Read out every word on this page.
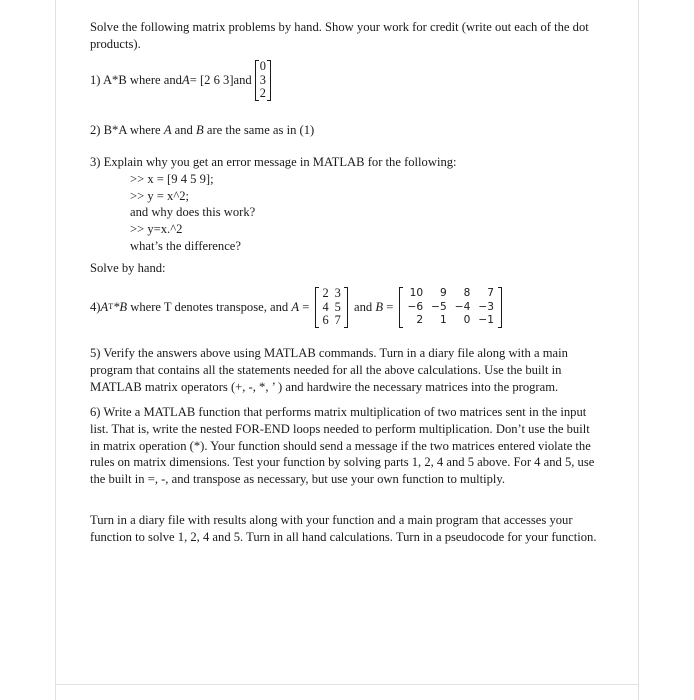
Solve the following matrix problems by hand. Show your work for credit (write out each of the dot products).
1) A*B where and A = [2 6 3]and
0
3
2
2) B*A where A and B are the same as in (1)
3) Explain why you get an error message in MATLAB for the following:
>> x = [9 4 5 9];
>> y = x^2;
and why does this work?
>> y=x.^2
what’s the difference?
Solve by hand:
4) A T *B where T denotes transpose, and A =
2	3
4	5
6	7
and B =
10	9	8	7
−6	−5	−4	−3
2	1	0	−1
5) Verify the answers above using MATLAB commands. Turn in a diary file along with a main program that contains all the statements needed for all the above calculations. Use the built in MATLAB matrix operators (+, -, *, ’ ) and hardwire the necessary matrices into the program.
6) Write a MATLAB function that performs matrix multiplication of two matrices sent in the input list. That is, write the nested FOR-END loops needed to perform multiplication. Don’t use the built in matrix operation (*). Your function should send a message if the two matrices entered violate the rules on matrix dimensions. Test your function by solving parts 1, 2, 4 and 5 above. For 4 and 5, use the built in =, -, and transpose as necessary, but use your own function to multiply.
Turn in a diary file with results along with your function and a main program that accesses your function to solve 1, 2, 4 and 5. Turn in all hand calculations. Turn in a pseudocode for your function.
